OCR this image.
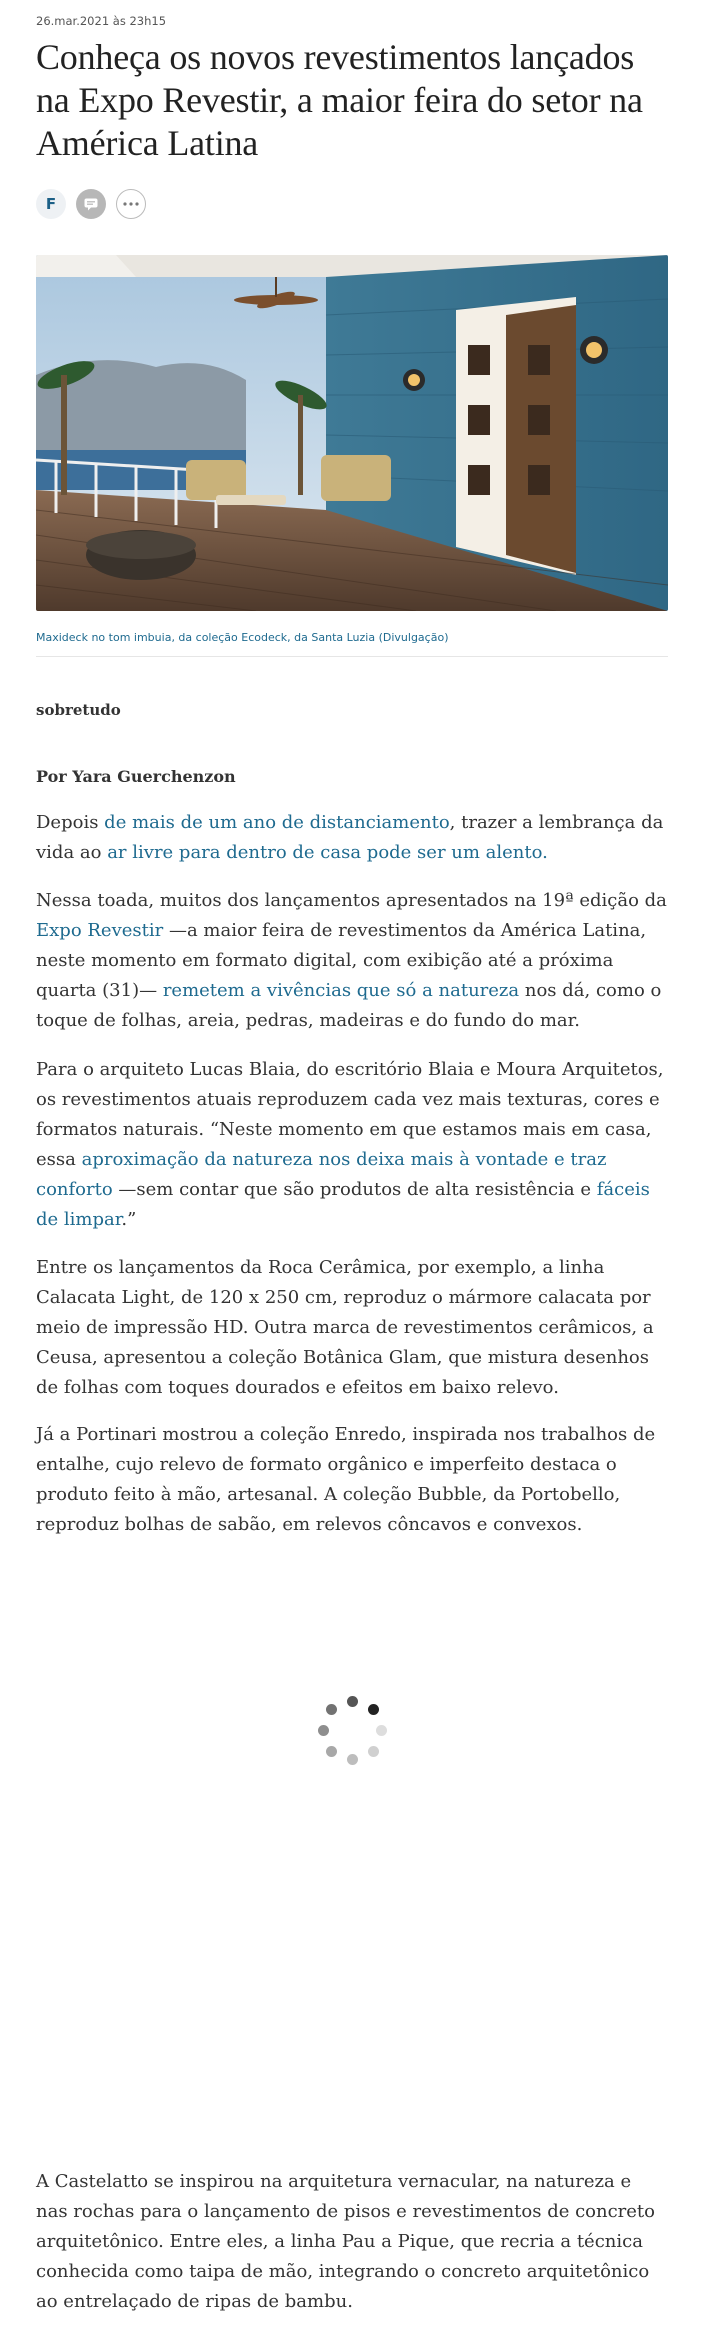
26.mar.2021 às 23h15
Conheça os novos revestimentos lançados na Expo Revestir, a maior feira do setor na América Latina
F
Maxideck no tom imbuia, da coleção Ecodeck, da Santa Luzia (Divulgação)
sobretudo
Por Yara Guerchenzon

Depois de mais de um ano de distanciamento, trazer a lembrança da vida ao ar livre para dentro de casa pode ser um alento.

Nessa toada, muitos dos lançamentos apresentados na 19ª edição da Expo Revestir —a maior feira de revestimentos da América Latina, neste momento em formato digital, com exibição até a próxima quarta (31)— remetem a vivências que só a natureza nos dá, como o toque de folhas, areia, pedras, madeiras e do fundo do mar.

Para o arquiteto Lucas Blaia, do escritório Blaia e Moura Arquitetos, os revestimentos atuais reproduzem cada vez mais texturas, cores e formatos naturais. “Neste momento em que estamos mais em casa, essa aproximação da natureza nos deixa mais à vontade e traz conforto —sem contar que são produtos de alta resistência e fáceis de limpar.”

Entre os lançamentos da Roca Cerâmica, por exemplo, a linha Calacata Light, de 120 x 250 cm, reproduz o mármore calacata por meio de impressão HD. Outra marca de revestimentos cerâmicos, a Ceusa, apresentou a coleção Botânica Glam, que mistura desenhos de folhas com toques dourados e efeitos em baixo relevo.

Já a Portinari mostrou a coleção Enredo, inspirada nos trabalhos de entalhe, cujo relevo de formato orgânico e imperfeito destaca o produto feito à mão, artesanal. A coleção Bubble, da Portobello, reproduz bolhas de sabão, em relevos côncavos e convexos.

A Castelatto se inspirou na arquitetura vernacular, na natureza e nas rochas para o lançamento de pisos e revestimentos de concreto arquitetônico. Entre eles, a linha Pau a Pique, que recria a técnica conhecida como taipa de mão, integrando o concreto arquitetônico ao entrelaçado de ripas de bambu.
